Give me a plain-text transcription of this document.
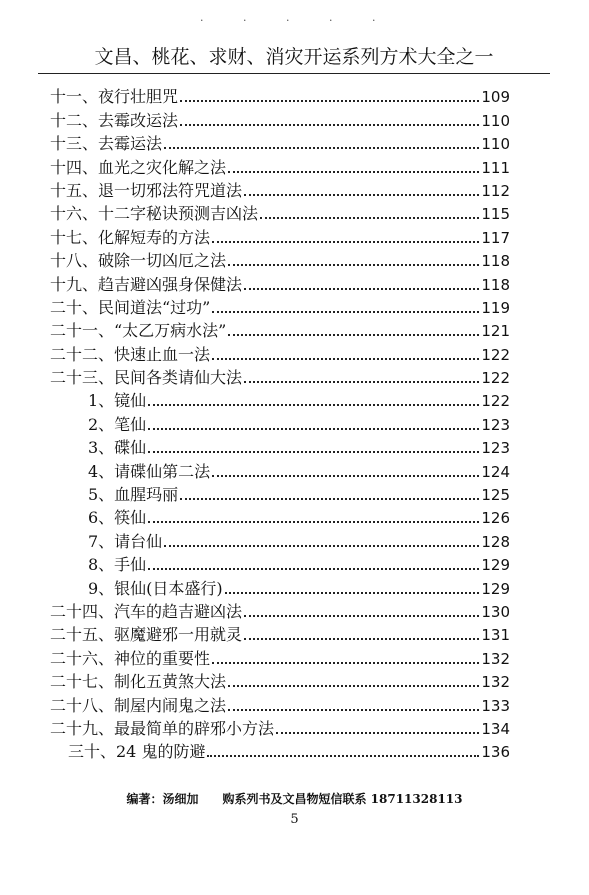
· · · · ·
文昌、桃花、求财、消灾开运系列方术大全之一
十一、夜行壮胆咒	109
十二、去霉改运法	110
十三、去霉运法	110
十四、血光之灾化解之法	111
十五、退一切邪法符咒道法	112
十六、十二字秘诀预测吉凶法	115
十七、化解短寿的方法	117
十八、破除一切凶厄之法	118
十九、趋吉避凶强身保健法	118
二十、民间道法“过功”	119
二十一、“太乙万病水法”	121
二十二、快速止血一法	122
二十三、民间各类请仙大法	122
1、镜仙	122
2、笔仙	123
3、碟仙	123
4、请碟仙第二法	124
5、血腥玛丽	125
6、筷仙	126
7、请台仙	128
8、手仙	129
9、银仙(日本盛行)	129
二十四、汽车的趋吉避凶法	130
二十五、驱魔避邪一用就灵	131
二十六、神位的重要性	132
二十七、制化五黄煞大法	132
二十八、制屋内闹鬼之法	133
二十九、最最简单的辟邪小方法	134
三十、24 鬼的防避	136
编著：汤细加　　购系列书及文昌物短信联系 18711328113
5
